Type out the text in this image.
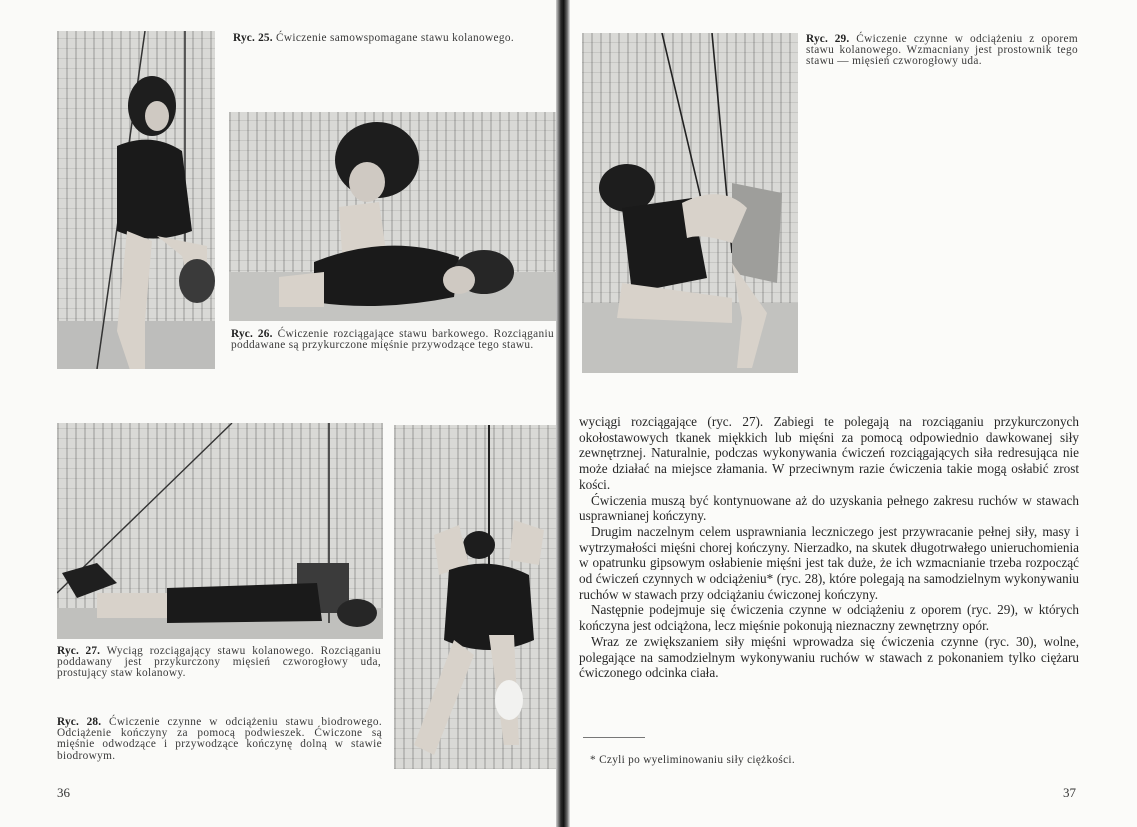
Ryc. 25. Ćwiczenie samowspomagane stawu kolanowego.
Ryc. 26. Ćwiczenie rozciągające stawu barkowego. Rozciąganiu poddawane są przykurczone mięśnie przywodzące tego stawu.
Ryc. 27. Wyciąg rozciągający stawu kolanowego. Rozciąganiu poddawany jest przykurczony mięsień czworogłowy uda, prostujący staw kolanowy.
Ryc. 28. Ćwiczenie czynne w odciążeniu stawu biodrowego. Odciążenie kończyny za pomocą podwieszek. Ćwiczone są mięśnie odwodzące i przywodzące kończynę dolną w stawie biodrowym.
36
Ryc. 29. Ćwiczenie czynne w odciążeniu z oporem stawu kolanowego. Wzmacniany jest prostownik tego stawu — mięsień czworogłowy uda.
37

wyciągi rozciągające (ryc. 27). Zabiegi te polegają na rozciąganiu przykurczonych okołostawowych tkanek miękkich lub mięśni za pomocą odpowiednio dawkowanej siły zewnętrznej. Naturalnie, podczas wykonywania ćwiczeń rozciągających siła redresująca nie może działać na miejsce złamania. W przeciwnym razie ćwiczenia takie mogą osłabić zrost kości.

Ćwiczenia muszą być kontynuowane aż do uzyskania pełnego zakresu ruchów w stawach usprawnianej kończyny.

Drugim naczelnym celem usprawniania leczniczego jest przywracanie pełnej siły, masy i wytrzymałości mięśni chorej kończyny. Nierzadko, na skutek długotrwałego unieruchomienia w opatrunku gipsowym osłabienie mięśni jest tak duże, że ich wzmacnianie trzeba rozpocząć od ćwiczeń czynnych w odciążeniu* (ryc. 28), które polegają na samodzielnym wykonywaniu ruchów w stawach przy odciążaniu ćwiczonej kończyny.

Następnie podejmuje się ćwiczenia czynne w odciążeniu z oporem (ryc. 29), w których kończyna jest odciążona, lecz mięśnie pokonują nieznaczny zewnętrzny opór.

Wraz ze zwiększaniem siły mięśni wprowadza się ćwiczenia czynne (ryc. 30), wolne, polegające na samodzielnym wykonywaniu ruchów w stawach z pokonaniem tylko ciężaru ćwiczonego odcinka ciała.

* Czyli po wyeliminowaniu siły ciężkości.
